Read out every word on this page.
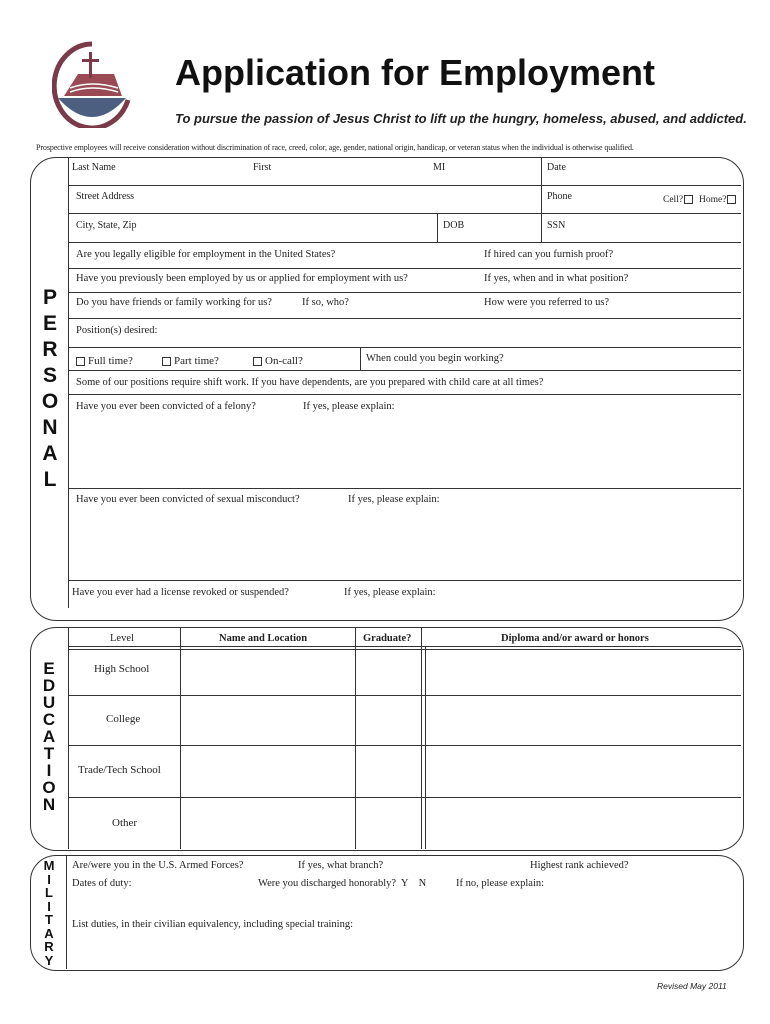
Application for Employment
To pursue the passion of Jesus Christ to lift up the hungry, homeless, abused, and addicted.
Prospective employees will receive consideration without discrimination of race, creed, color, age, gender, national origin, handicap, or veteran status when the individual is otherwise qualified.
P
E
R
S
O
N
A
L
Last Name	First	MI	Date
Street Address	Phone	Cell?	Home?
City, State, Zip	DOB	SSN
Are you legally eligible for employment in the United States?	If hired can you furnish proof?
Have you previously been employed by us or applied for employment with us?	If yes, when and in what position?
Do you have friends or family working for us?	If so, who?	How were you referred to us?
Position(s) desired:
Full time?	Part time?	On-call?	When could you begin working?
Some of our positions require shift work. If you have dependents, are you prepared with child care at all times?
Have you ever been convicted of a felony?	If yes, please explain:
Have you ever been convicted of sexual misconduct?	If yes, please explain:
Have you ever had a license revoked or suspended?	If yes, please explain:
E
D
U
C
A
T
I
O
N
Level	Name and Location	Graduate?	Diploma and/or award or honors
High School
College
Trade/Tech School
Other
M
I
L
I
T
A
R
Y
Are/were you in the U.S. Armed Forces?	If yes, what branch?	Highest rank achieved?
Dates of duty:	Were you discharged honorably?  Y    N	If no, please explain:
List duties, in their civilian equivalency, including special training:
Revised May 2011
